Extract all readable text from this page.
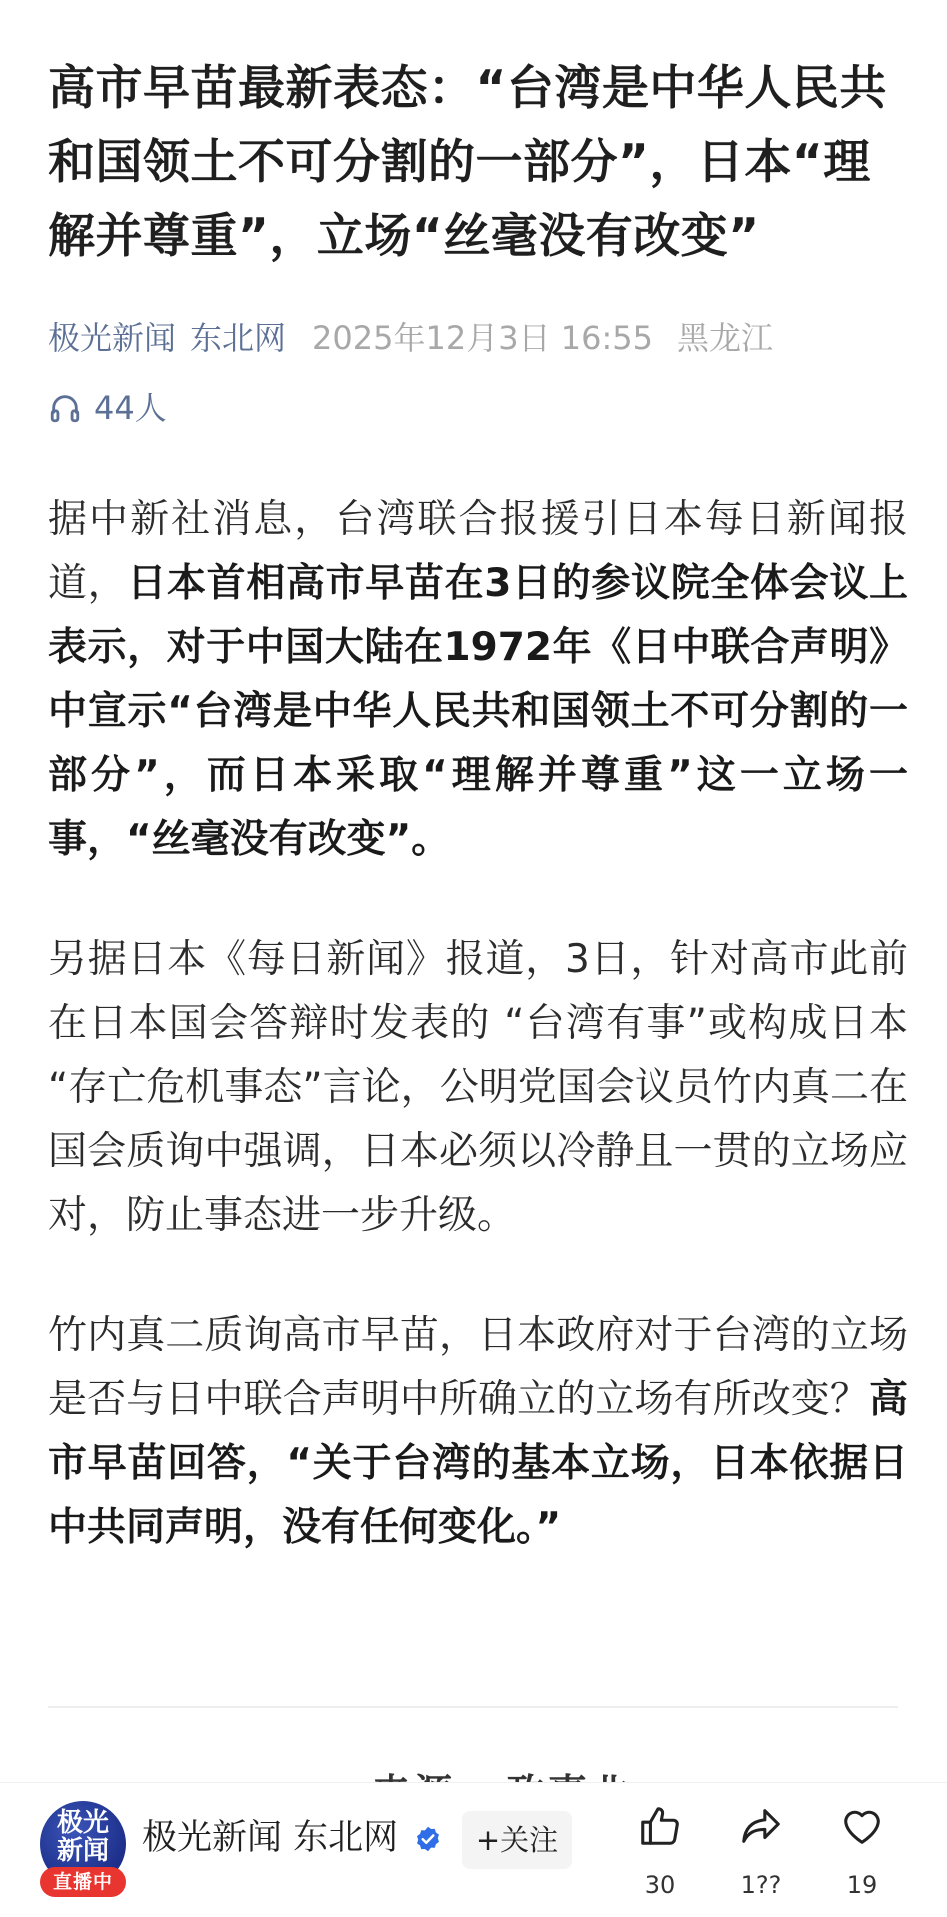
高市早苗最新表态：“台湾是中华人民共和国领土不可分割的一部分”，日本“理解并尊重”，立场“丝毫没有改变”
极光新闻 东北网 2025年12月3日 16:55 黑龙江
44人

据中新社消息，台湾联合报援引日本每日新闻报道，日本首相高市早苗在3日的参议院全体会议上表示，对于中国大陆在1972年《日中联合声明》中宣示“台湾是中华人民共和国领土不可分割的一部分”，而日本采取“理解并尊重”这一立场一事，“丝毫没有改变”。

另据日本《每日新闻》报道，3日，针对高市此前在日本国会答辩时发表的 “台湾有事”或构成日本 “存亡危机事态”言论，公明党国会议员竹内真二在国会质询中强调，日本必须以冷静且一贯的立场应对，防止事态进一步升级。

竹内真二质询高市早苗，日本政府对于台湾的立场是否与日中联合声明中所确立的立场有所改变？高市早苗回答，“关于台湾的基本立场，日本依据日中共同声明，没有任何变化。”

极光
新闻
直播中
极光新闻 东北网	+关注
30	1??	19
